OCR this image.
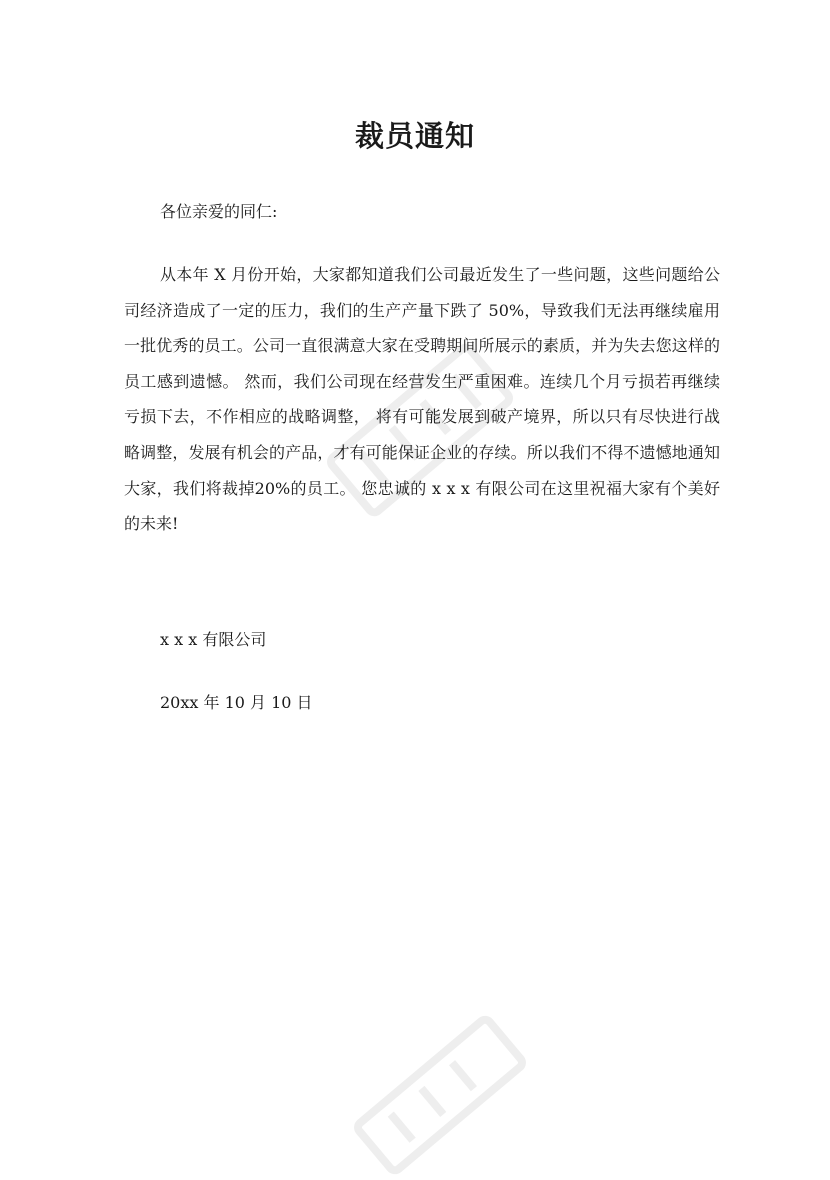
裁员通知

各位亲爱的同仁:

从本年 X 月份开始，大家都知道我们公司最近发生了一些问题，这些问题给公司经济造成了一定的压力，我们的生产产量下跌了 50%，导致我们无法再继续雇用一批优秀的员工。公司一直很满意大家在受聘期间所展示的素质，并为失去您这样的员工感到遗憾。 然而，我们公司现在经营发生严重困难。连续几个月亏损若再继续亏损下去，不作相应的战略调整， 将有可能发展到破产境界，所以只有尽快进行战略调整，发展有机会的产品，才有可能保证企业的存续。所以我们不得不遗憾地通知大家，我们将裁掉20%的员工。 您忠诚的 x x x 有限公司在这里祝福大家有个美好的未来!

x x x 有限公司

20xx 年 10 月 10 日
